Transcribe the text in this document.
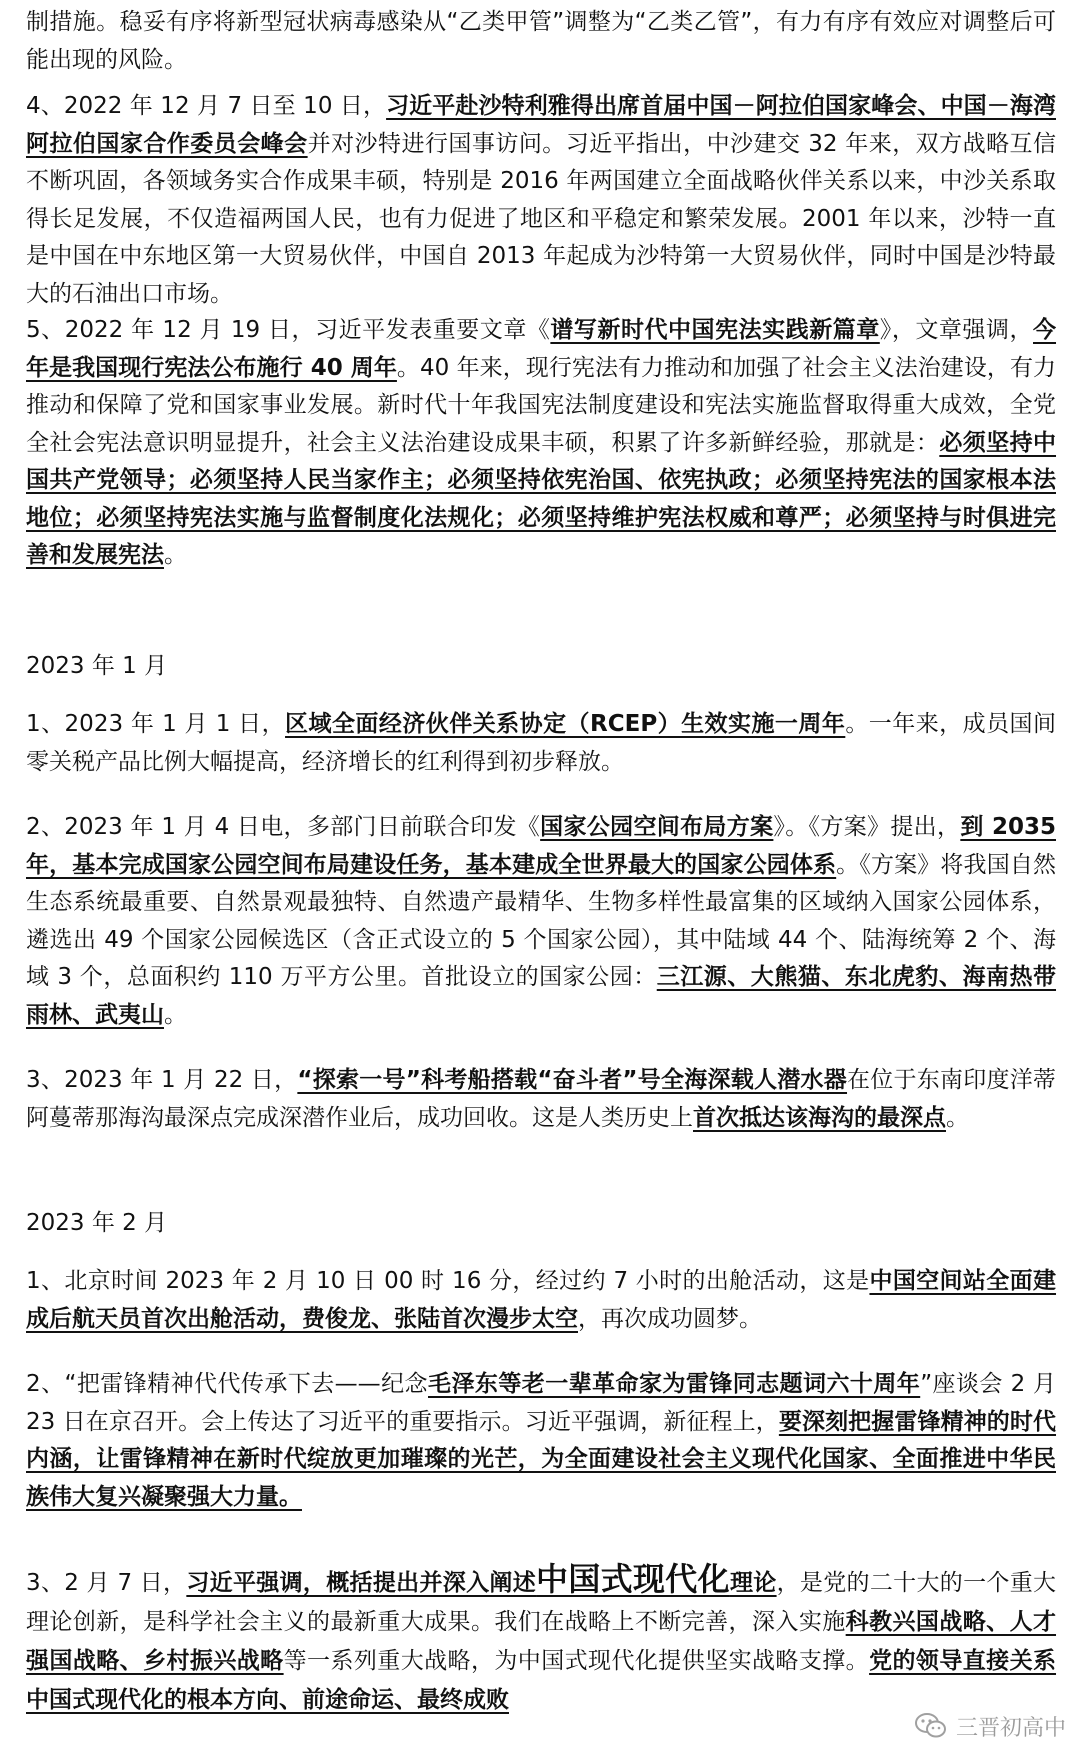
制措施。稳妥有序将新型冠状病毒感染从“乙类甲管”调整为“乙类乙管”，有力有序有效应对调整后可能出现的风险。

4、2022 年 12 月 7 日至 10 日，习近平赴沙特利雅得出席首届中国－阿拉伯国家峰会、中国－海湾阿拉伯国家合作委员会峰会并对沙特进行国事访问。习近平指出，中沙建交 32 年来，双方战略互信不断巩固，各领域务实合作成果丰硕，特别是 2016 年两国建立全面战略伙伴关系以来，中沙关系取得长足发展，不仅造福两国人民，也有力促进了地区和平稳定和繁荣发展。2001 年以来，沙特一直是中国在中东地区第一大贸易伙伴，中国自 2013 年起成为沙特第一大贸易伙伴，同时中国是沙特最大的石油出口市场。

5、2022 年 12 月 19 日，习近平发表重要文章《谱写新时代中国宪法实践新篇章》，文章强调，今年是我国现行宪法公布施行 40 周年。40 年来，现行宪法有力推动和加强了社会主义法治建设，有力推动和保障了党和国家事业发展。新时代十年我国宪法制度建设和宪法实施监督取得重大成效，全党全社会宪法意识明显提升，社会主义法治建设成果丰硕，积累了许多新鲜经验，那就是：必须坚持中国共产党领导；必须坚持人民当家作主；必须坚持依宪治国、依宪执政；必须坚持宪法的国家根本法地位；必须坚持宪法实施与监督制度化法规化；必须坚持维护宪法权威和尊严；必须坚持与时俱进完善和发展宪法。

2023 年 1 月

1、2023 年 1 月 1 日，区域全面经济伙伴关系协定（RCEP）生效实施一周年。一年来，成员国间零关税产品比例大幅提高，经济增长的红利得到初步释放。

2、2023 年 1 月 4 日电，多部门日前联合印发《国家公园空间布局方案》。《方案》提出，到 2035 年，基本完成国家公园空间布局建设任务，基本建成全世界最大的国家公园体系。《方案》将我国自然生态系统最重要、自然景观最独特、自然遗产最精华、生物多样性最富集的区域纳入国家公园体系，遴选出 49 个国家公园候选区（含正式设立的 5 个国家公园），其中陆域 44 个、陆海统筹 2 个、海域 3 个，总面积约 110 万平方公里。首批设立的国家公园：三江源、大熊猫、东北虎豹、海南热带雨林、武夷山。

3、2023 年 1 月 22 日，“探索一号”科考船搭载“奋斗者”号全海深载人潜水器在位于东南印度洋蒂阿蔓蒂那海沟最深点完成深潜作业后，成功回收。这是人类历史上首次抵达该海沟的最深点。

2023 年 2 月

1、北京时间 2023 年 2 月 10 日 00 时 16 分，经过约 7 小时的出舱活动，这是中国空间站全面建成后航天员首次出舱活动，费俊龙、张陆首次漫步太空，再次成功圆梦。

2、“把雷锋精神代代传承下去——纪念毛泽东等老一辈革命家为雷锋同志题词六十周年”座谈会 2 月 23 日在京召开。会上传达了习近平的重要指示。习近平强调，新征程上，要深刻把握雷锋精神的时代内涵，让雷锋精神在新时代绽放更加璀璨的光芒，为全面建设社会主义现代化国家、全面推进中华民族伟大复兴凝聚强大力量。

3、2 月 7 日，习近平强调，概括提出并深入阐述中国式现代化理论，是党的二十大的一个重大理论创新，是科学社会主义的最新重大成果。我们在战略上不断完善，深入实施科教兴国战略、人才强国战略、乡村振兴战略等一系列重大战略，为中国式现代化提供坚实战略支撑。党的领导直接关系中国式现代化的根本方向、前途命运、最终成败

三晋初高中
